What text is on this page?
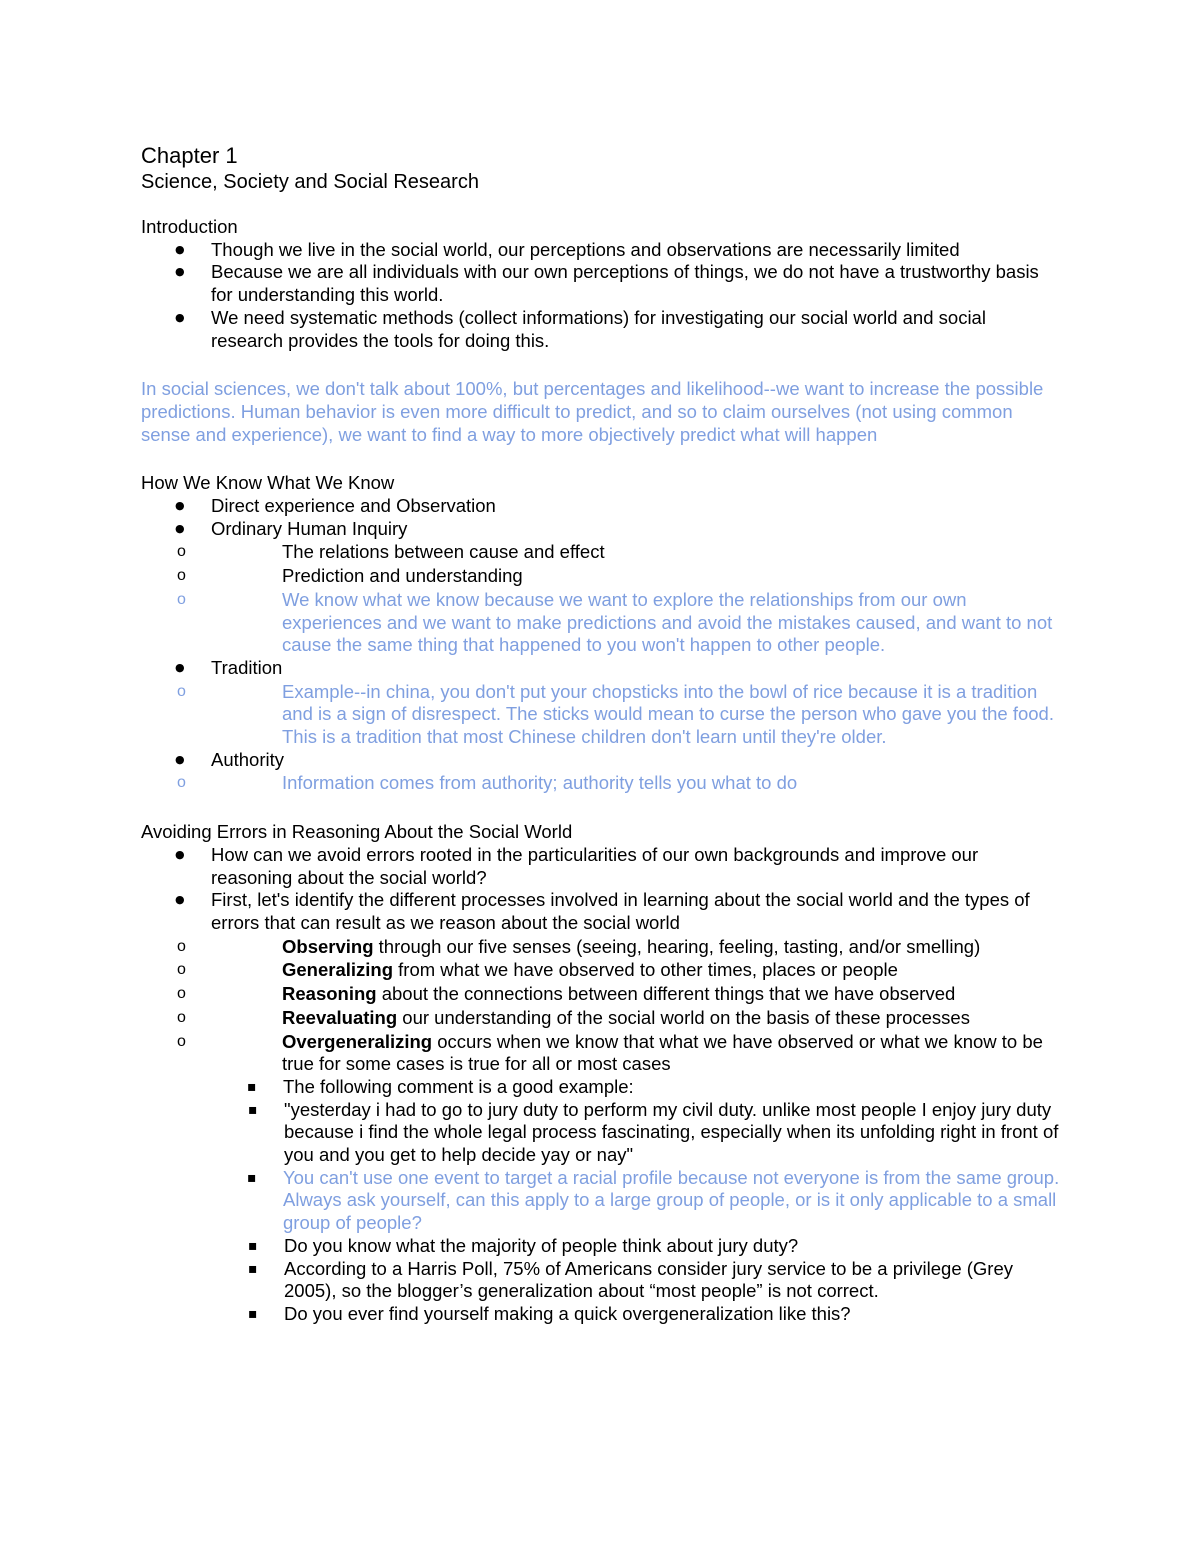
Chapter 1
Science, Society and Social Research
Introduction
● Though we live in the social world, our perceptions and observations are necessarily limited
● Because we are all individuals with our own perceptions of things, we do not have a trustworthy basis for understanding this world.
● We need systematic methods (collect informations) for investigating our social world and social research provides the tools for doing this.
In social sciences, we don't talk about 100%, but percentages and likelihood--we want to increase the possible predictions. Human behavior is even more difficult to predict, and so to claim ourselves (not using common sense and experience), we want to find a way to more objectively predict what will happen
How We Know What We Know
● Direct experience and Observation
● Ordinary Human Inquiry
o The relations between cause and effect
o Prediction and understanding
o We know what we know because we want to explore the relationships from our own experiences and we want to make predictions and avoid the mistakes caused, and want to not cause the same thing that happened to you won't happen to other people.
● Tradition
o Example--in china, you don't put your chopsticks into the bowl of rice because it is a tradition and is a sign of disrespect. The sticks would mean to curse the person who gave you the food. This is a tradition that most Chinese children don't learn until they're older.
● Authority
o Information comes from authority; authority tells you what to do
Avoiding Errors in Reasoning About the Social World
● How can we avoid errors rooted in the particularities of our own backgrounds and improve our reasoning about the social world?
● First, let's identify the different processes involved in learning about the social world and the types of errors that can result as we reason about the social world
o Observing through our five senses (seeing, hearing, feeling, tasting, and/or smelling)
o Generalizing from what we have observed to other times, places or people
o Reasoning about the connections between different things that we have observed
o Reevaluating our understanding of the social world on the basis of these processes
o Overgeneralizing occurs when we know that what we have observed or what we know to be true for some cases is true for all or most cases
▪ The following comment is a good example:
▪ "yesterday i had to go to jury duty to perform my civil duty. unlike most people I enjoy jury duty because i find the whole legal process fascinating, especially when its unfolding right in front of you and you get to help decide yay or nay"
▪ You can't use one event to target a racial profile because not everyone is from the same group. Always ask yourself, can this apply to a large group of people, or is it only applicable to a small group of people?
▪ Do you know what the majority of people think about jury duty?
▪ According to a Harris Poll, 75% of Americans consider jury service to be a privilege (Grey 2005), so the blogger’s generalization about “most people” is not correct.
▪ Do you ever find yourself making a quick overgeneralization like this?
